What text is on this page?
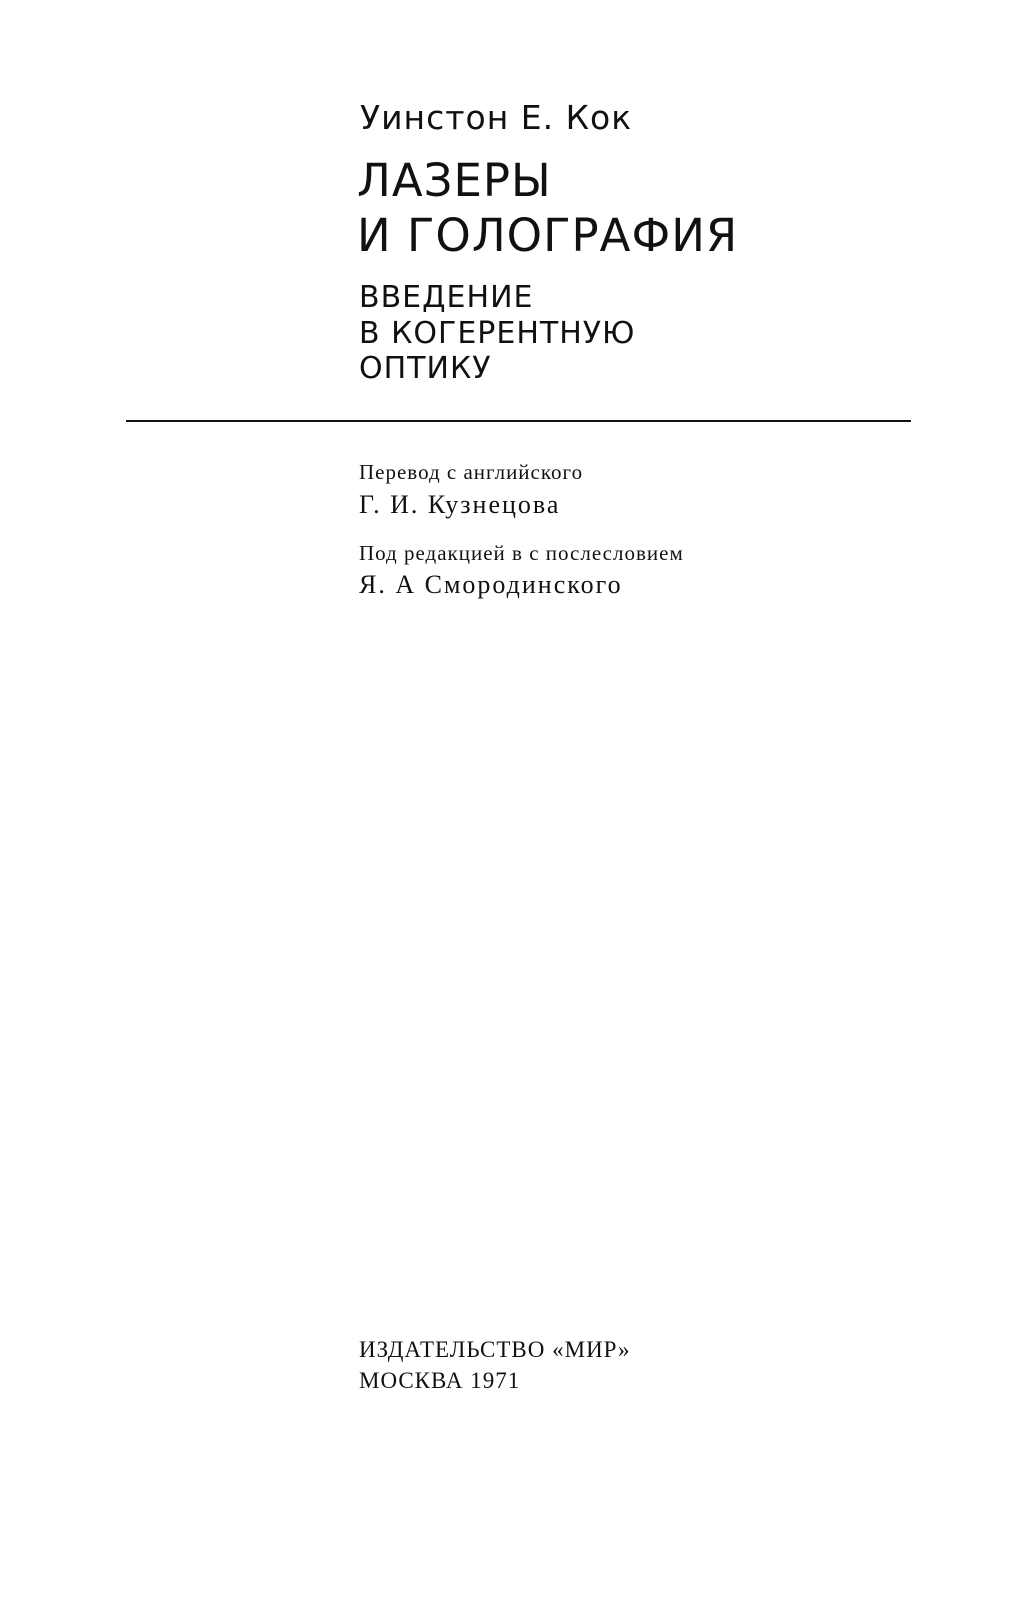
Уинстон Е. Кок
ЛАЗЕРЫ
И ГОЛОГРАФИЯ
ВВЕДЕНИЕ
В КОГЕРЕНТНУЮ
ОПТИКУ
Перевод с английского
Г. И. Кузнецова
Под редакцией в с послесловием
Я. А Смородинского
ИЗДАТЕЛЬСТВО «МИР»
МОСКВА 1971
